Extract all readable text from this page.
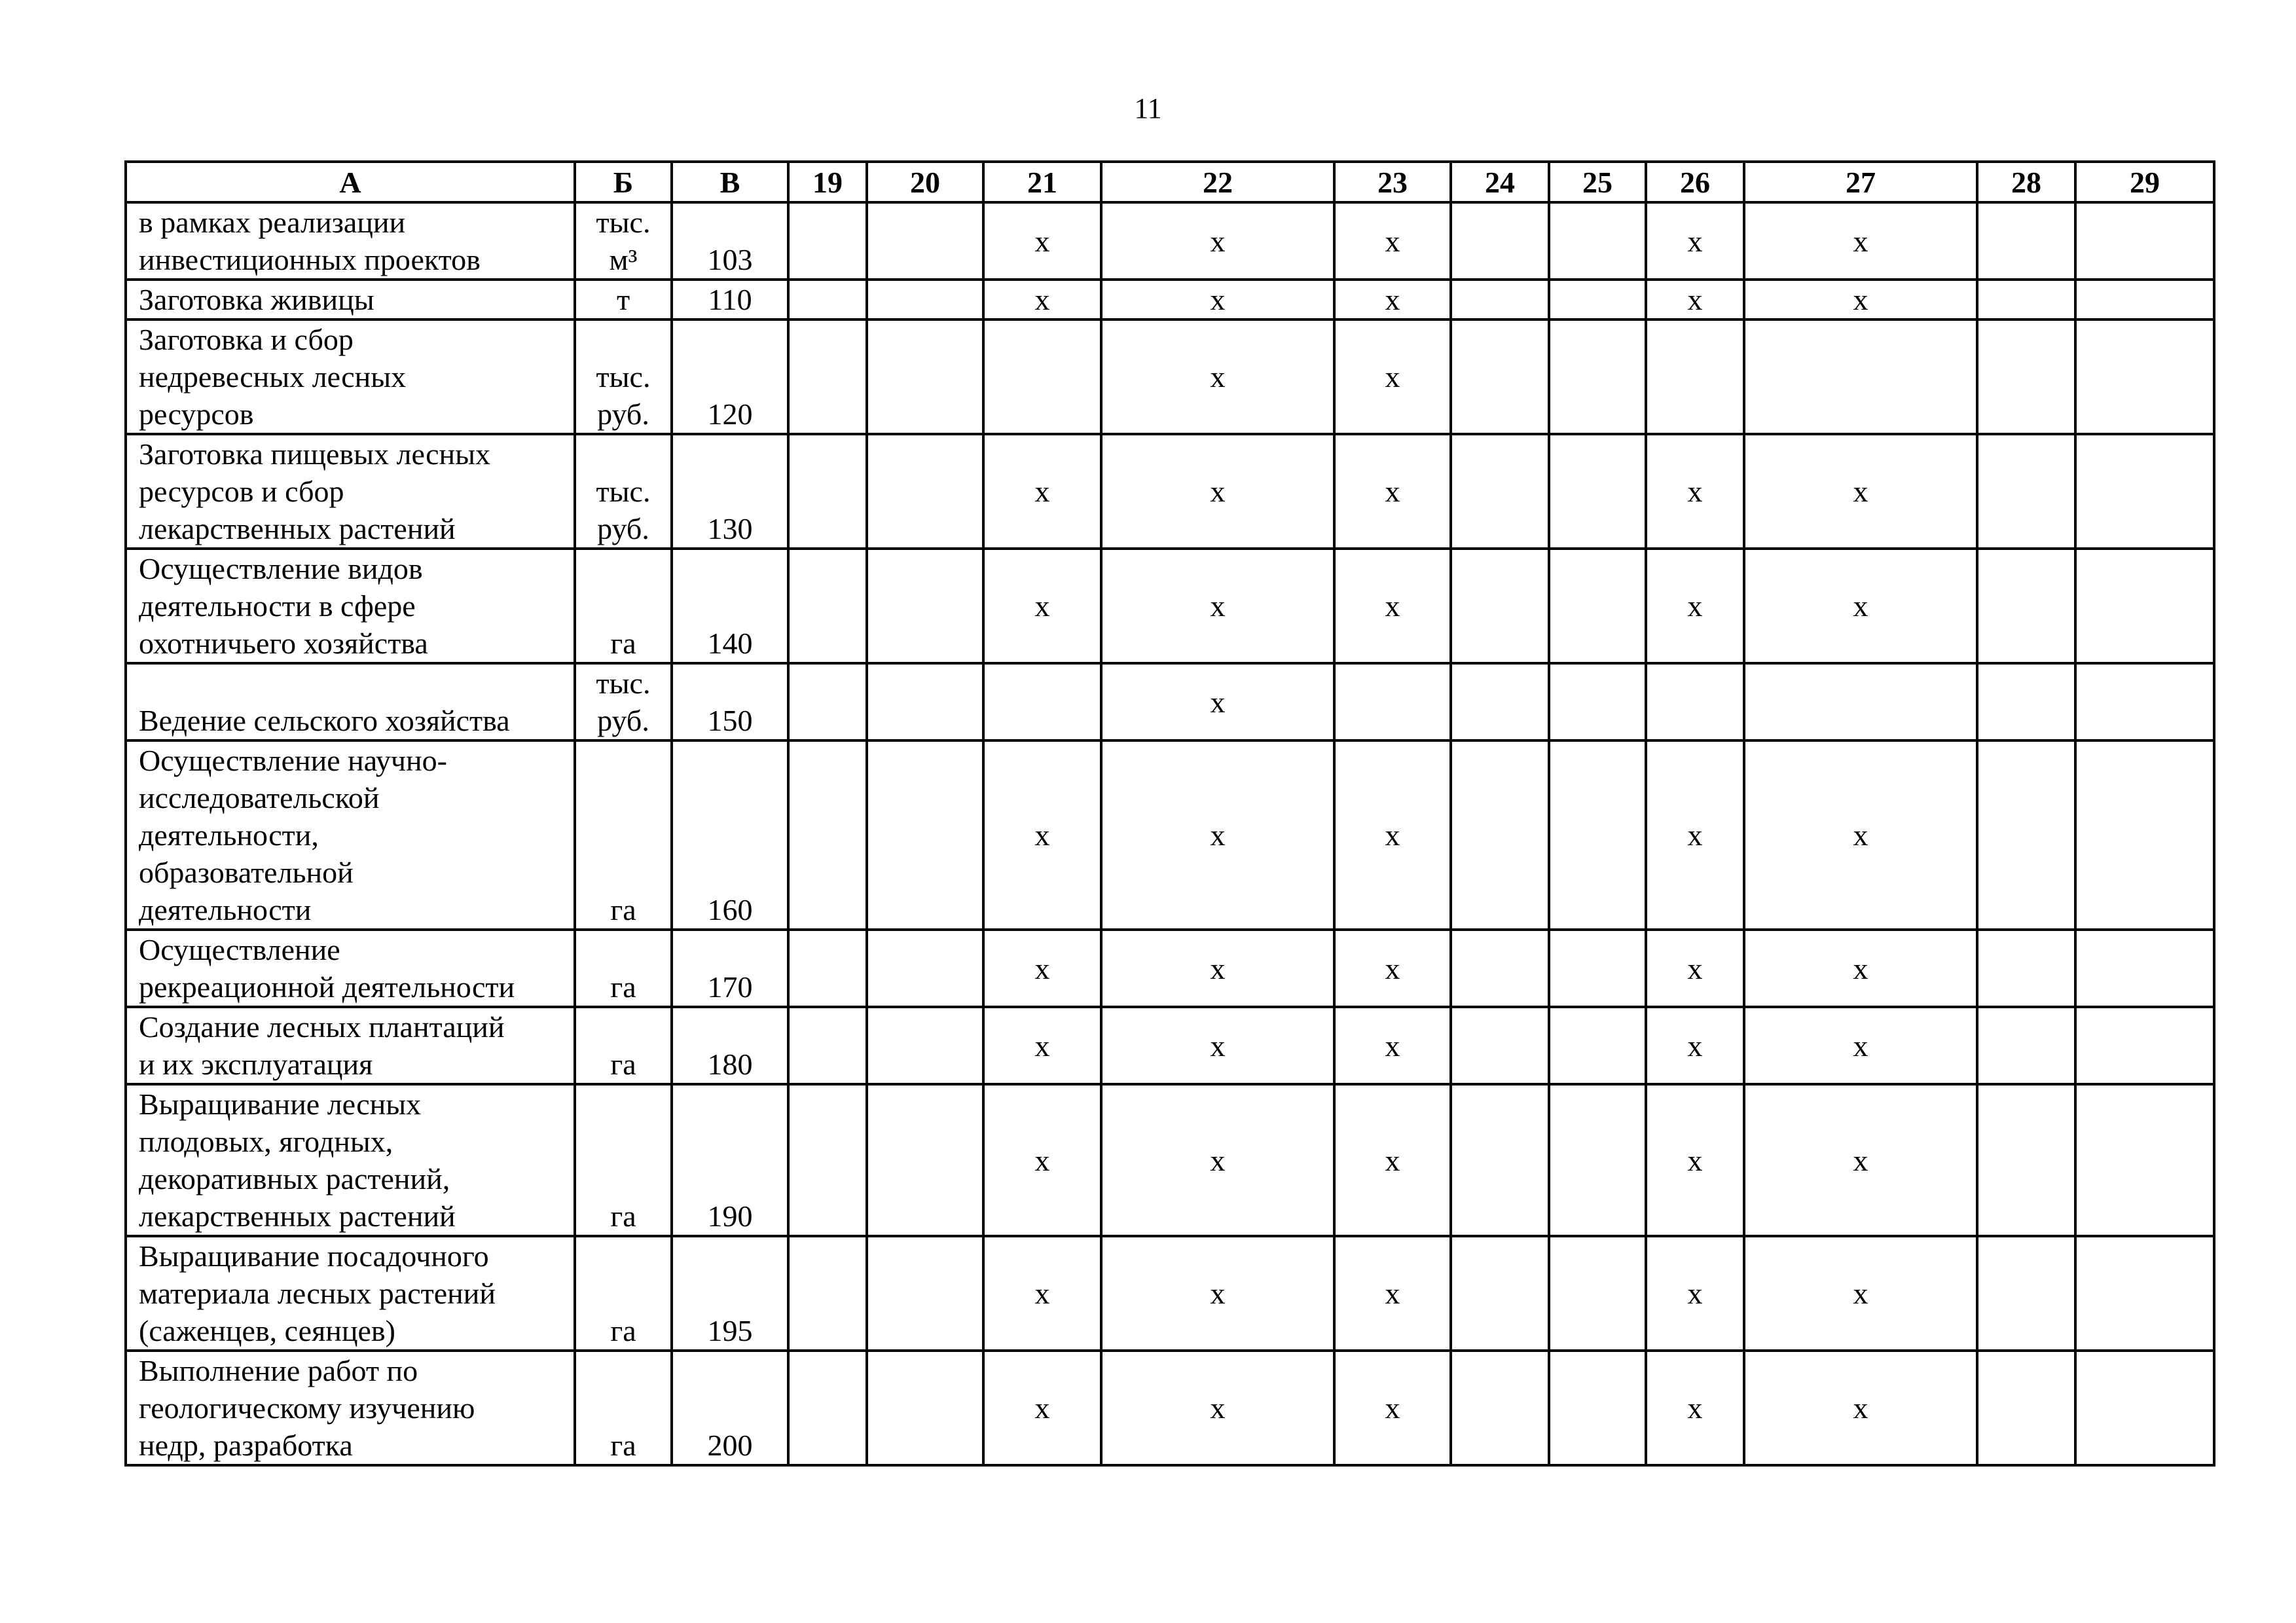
11
А	Б	В	19	20	21	22	23	24	25	26	27	28	29

в рамках реализации
инвестиционных проектов	тыс.
м³	103			х	х	х			х	х		

Заготовка живицы	т	110			х	х	х			х	х		

Заготовка и сбор
недревесных лесных
ресурсов	тыс.
руб.	120				х	х						

Заготовка пищевых лесных
ресурсов и сбор
лекарственных растений	тыс.
руб.	130			х	х	х			х	х		

Осуществление видов
деятельности в сфере
охотничьего хозяйства	га	140			х	х	х			х	х		

Ведение сельского хозяйства	тыс.
руб.	150				х							

Осуществление научно-
исследовательской
деятельности,
образовательной
деятельности	га	160			х	х	х			х	х		

Осуществление
рекреационной деятельности	га	170			х	х	х			х	х		

Создание лесных плантаций
и их эксплуатация	га	180			х	х	х			х	х		

Выращивание лесных
плодовых, ягодных,
декоративных растений,
лекарственных растений	га	190			х	х	х			х	х		

Выращивание посадочного
материала лесных растений
(саженцев, сеянцев)	га	195			х	х	х			х	х		

Выполнение работ по
геологическому изучению
недр, разработка	га	200			х	х	х			х	х		
